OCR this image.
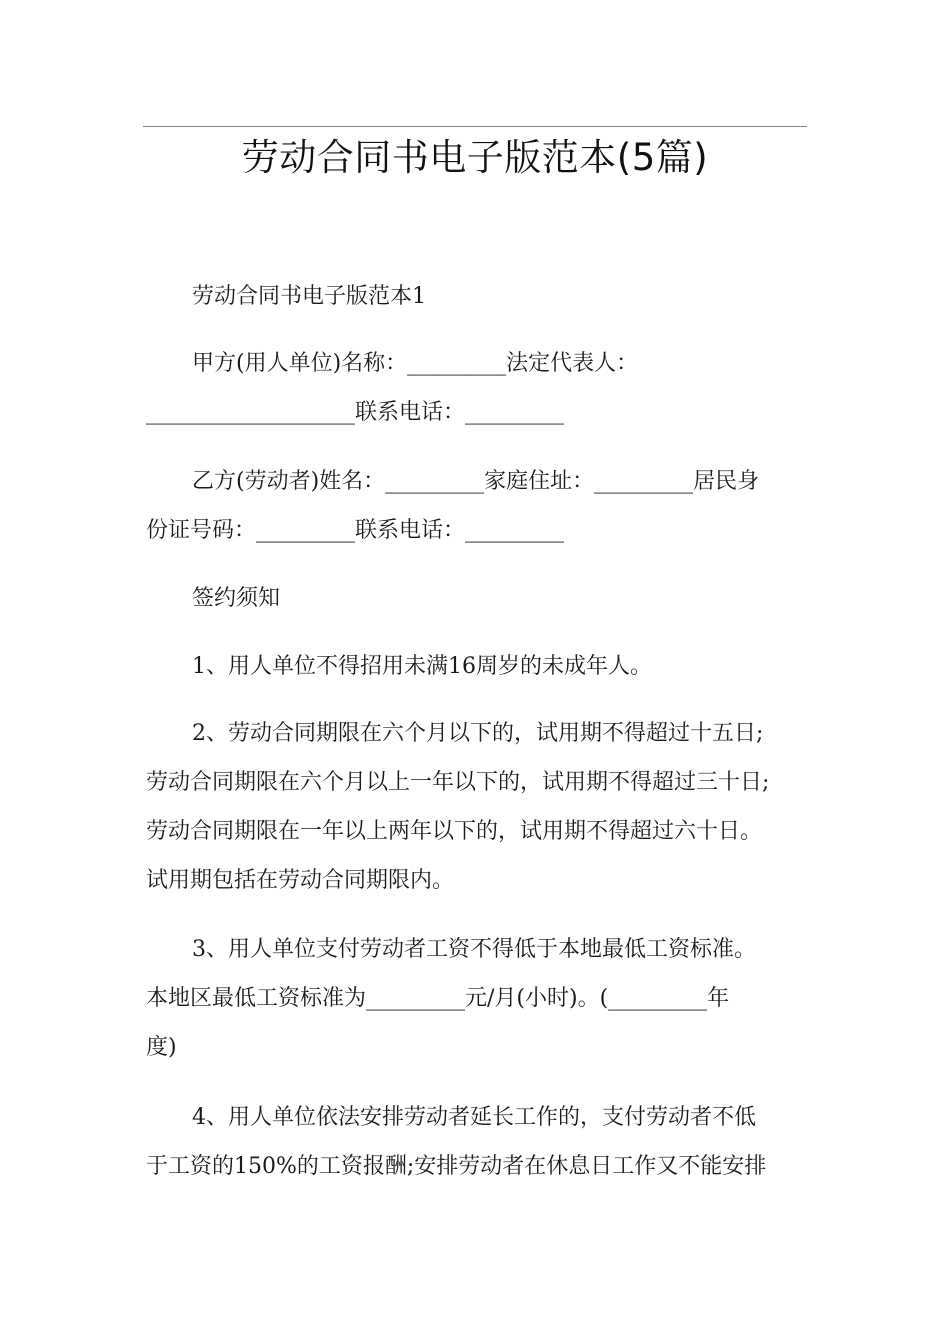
劳动合同书电子版范本(5篇)

劳动合同书电子版范本1

甲方(用人单位)名称：_________法定代表人：
___________________联系电话：_________
乙方(劳动者)姓名：_________家庭住址：_________居民身
份证号码：_________联系电话：_________

签约须知

1、用人单位不得招用未满16周岁的未成年人。

2、劳动合同期限在六个月以下的，试用期不得超过十五日;
劳动合同期限在六个月以上一年以下的，试用期不得超过三十日;
劳动合同期限在一年以上两年以下的，试用期不得超过六十日。
试用期包括在劳动合同期限内。
3、用人单位支付劳动者工资不得低于本地最低工资标准。
本地区最低工资标准为_________元/月(小时)。(_________年
度)
4、用人单位依法安排劳动者延长工作的，支付劳动者不低
于工资的150%的工资报酬;安排劳动者在休息日工作又不能安排
